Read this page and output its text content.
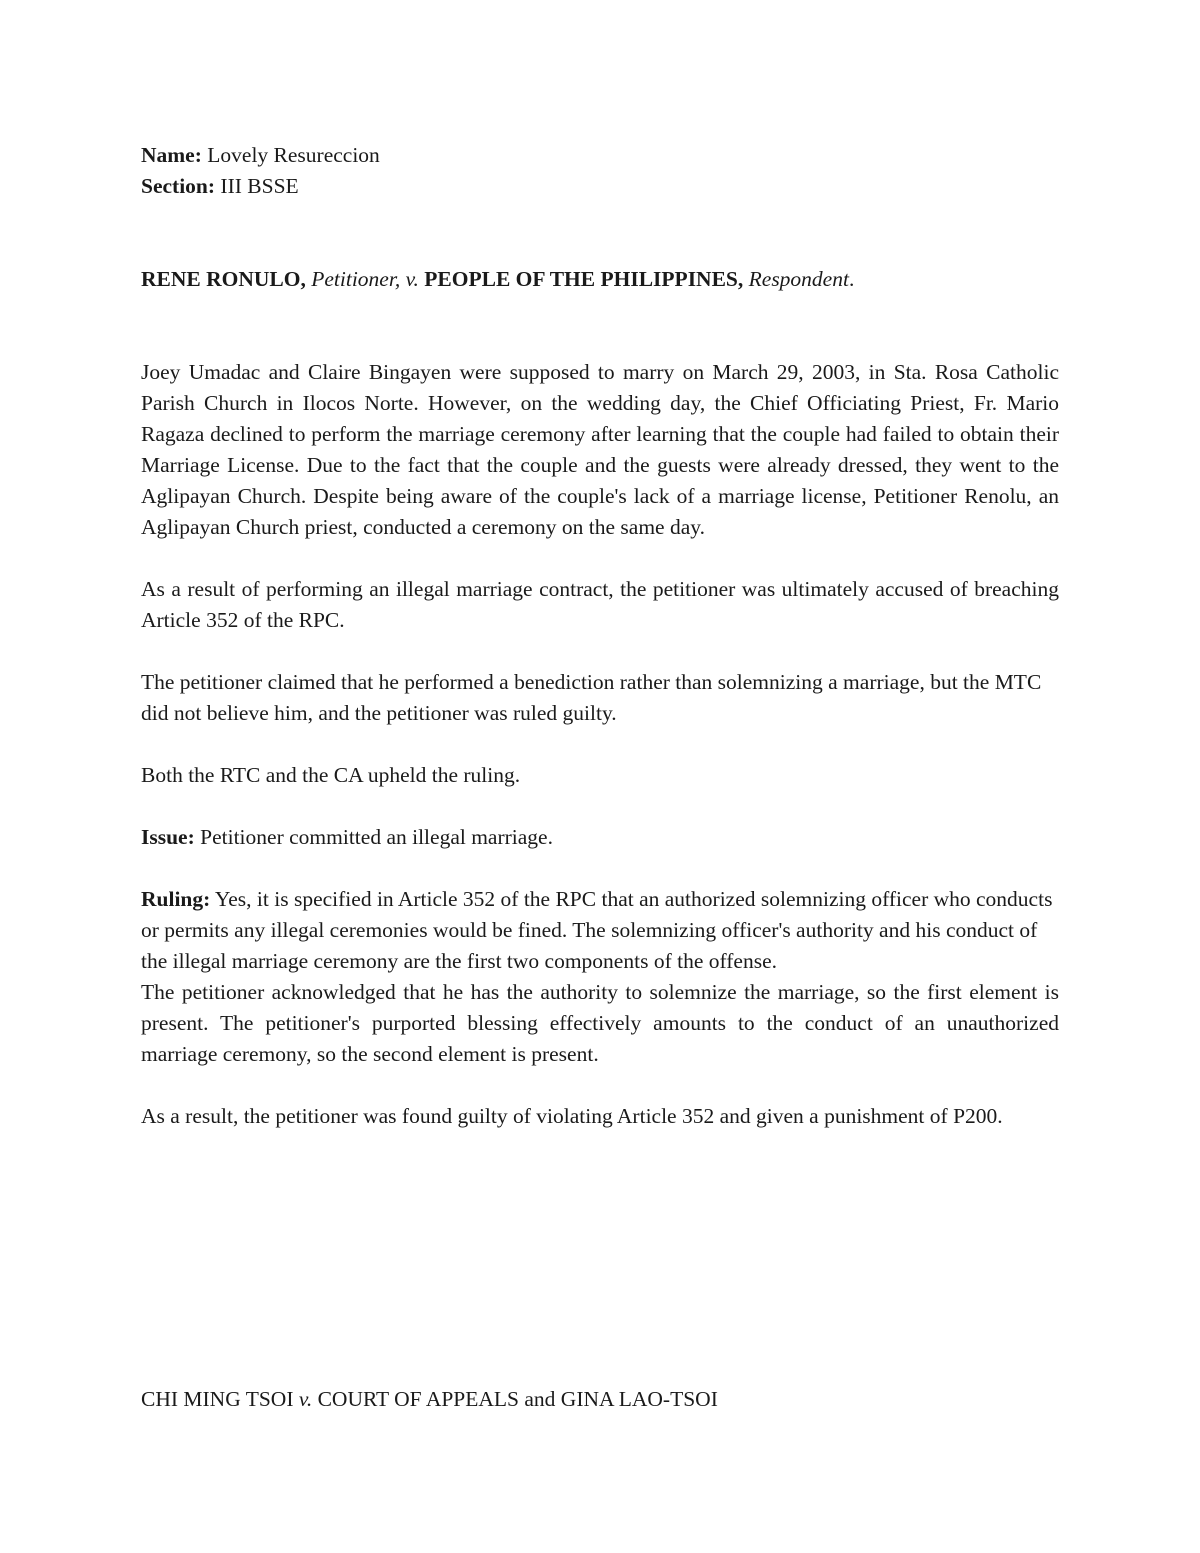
Name: Lovely Resureccion

Section: III BSSE

RENE RONULO, Petitioner, v. PEOPLE OF THE PHILIPPINES, Respondent.

Joey Umadac and Claire Bingayen were supposed to marry on March 29, 2003, in Sta. Rosa Catholic Parish Church in Ilocos Norte. However, on the wedding day, the Chief Officiating Priest, Fr. Mario Ragaza declined to perform the marriage ceremony after learning that the couple had failed to obtain their Marriage License. Due to the fact that the couple and the guests were already dressed, they went to the Aglipayan Church. Despite being aware of the couple's lack of a marriage license, Petitioner Renolu, an Aglipayan Church priest, conducted a ceremony on the same day.

As a result of performing an illegal marriage contract, the petitioner was ultimately accused of breaching Article 352 of the RPC.

The petitioner claimed that he performed a benediction rather than solemnizing a marriage, but the MTC did not believe him, and the petitioner was ruled guilty.

Both the RTC and the CA upheld the ruling.

Issue: Petitioner committed an illegal marriage.

Ruling: Yes, it is specified in Article 352 of the RPC that an authorized solemnizing officer who conducts or permits any illegal ceremonies would be fined. The solemnizing officer's authority and his conduct of the illegal marriage ceremony are the first two components of the offense.

The petitioner acknowledged that he has the authority to solemnize the marriage, so the first element is present. The petitioner's purported blessing effectively amounts to the conduct of an unauthorized marriage ceremony, so the second element is present.

As a result, the petitioner was found guilty of violating Article 352 and given a punishment of P200.

CHI MING TSOI v. COURT OF APPEALS and GINA LAO-TSOI
